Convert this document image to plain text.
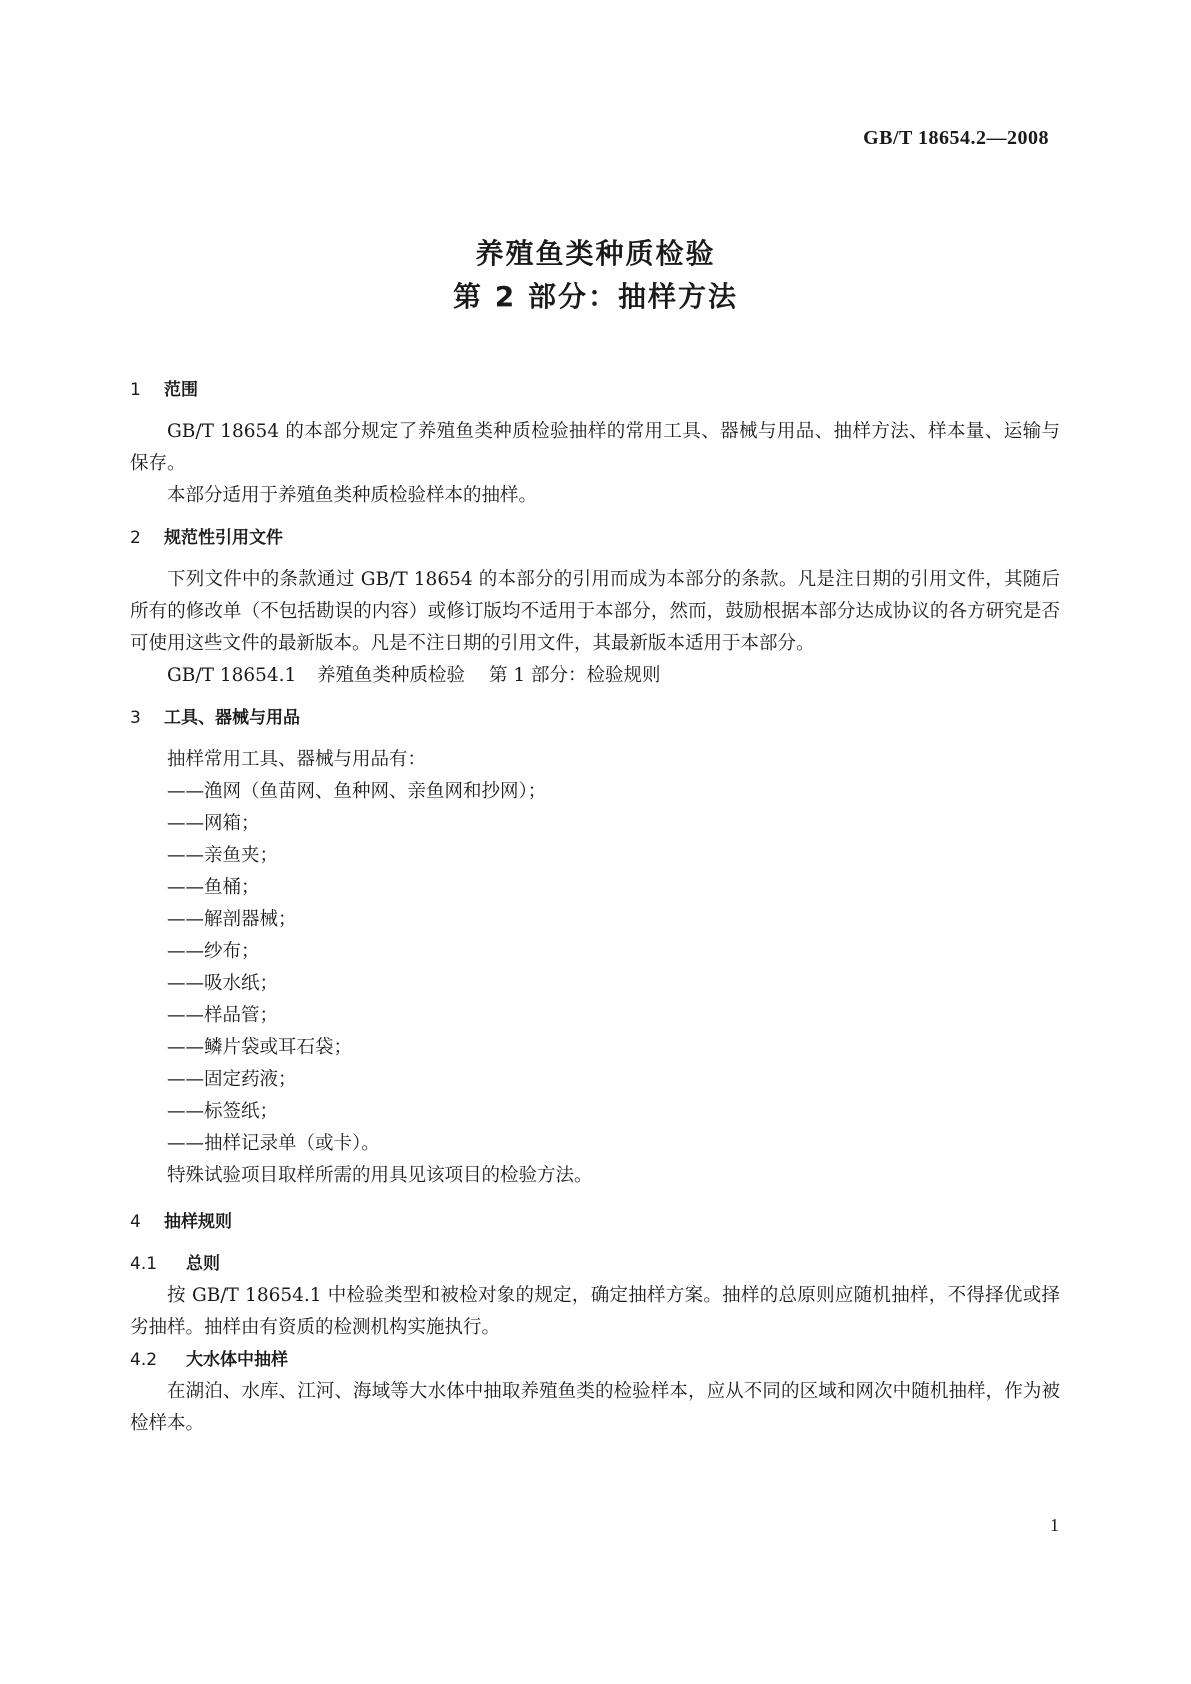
GB/T 18654.2—2008
养殖鱼类种质检验
第 2 部分：抽样方法
1 范围

GB/T 18654 的本部分规定了养殖鱼类种质检验抽样的常用工具、器械与用品、抽样方法、样本量、运输与保存。

本部分适用于养殖鱼类种质检验样本的抽样。

2 规范性引用文件

下列文件中的条款通过 GB/T 18654 的本部分的引用而成为本部分的条款。凡是注日期的引用文件，其随后所有的修改单（不包括勘误的内容）或修订版均不适用于本部分，然而，鼓励根据本部分达成协议的各方研究是否可使用这些文件的最新版本。凡是不注日期的引用文件，其最新版本适用于本部分。

GB/T 18654.1 养殖鱼类种质检验 第 1 部分：检验规则

3 工具、器械与用品

抽样常用工具、器械与用品有：

——渔网（鱼苗网、鱼种网、亲鱼网和抄网）；

——网箱；

——亲鱼夹；

——鱼桶；

——解剖器械；

——纱布；

——吸水纸；

——样品管；

——鳞片袋或耳石袋；

——固定药液；

——标签纸；

——抽样记录单（或卡）。

特殊试验项目取样所需的用具见该项目的检验方法。

4 抽样规则
4.1 总则

按 GB/T 18654.1 中检验类型和被检对象的规定，确定抽样方案。抽样的总原则应随机抽样，不得择优或择劣抽样。抽样由有资质的检测机构实施执行。

4.2 大水体中抽样

在湖泊、水库、江河、海域等大水体中抽取养殖鱼类的检验样本，应从不同的区域和网次中随机抽样，作为被检样本。

1
